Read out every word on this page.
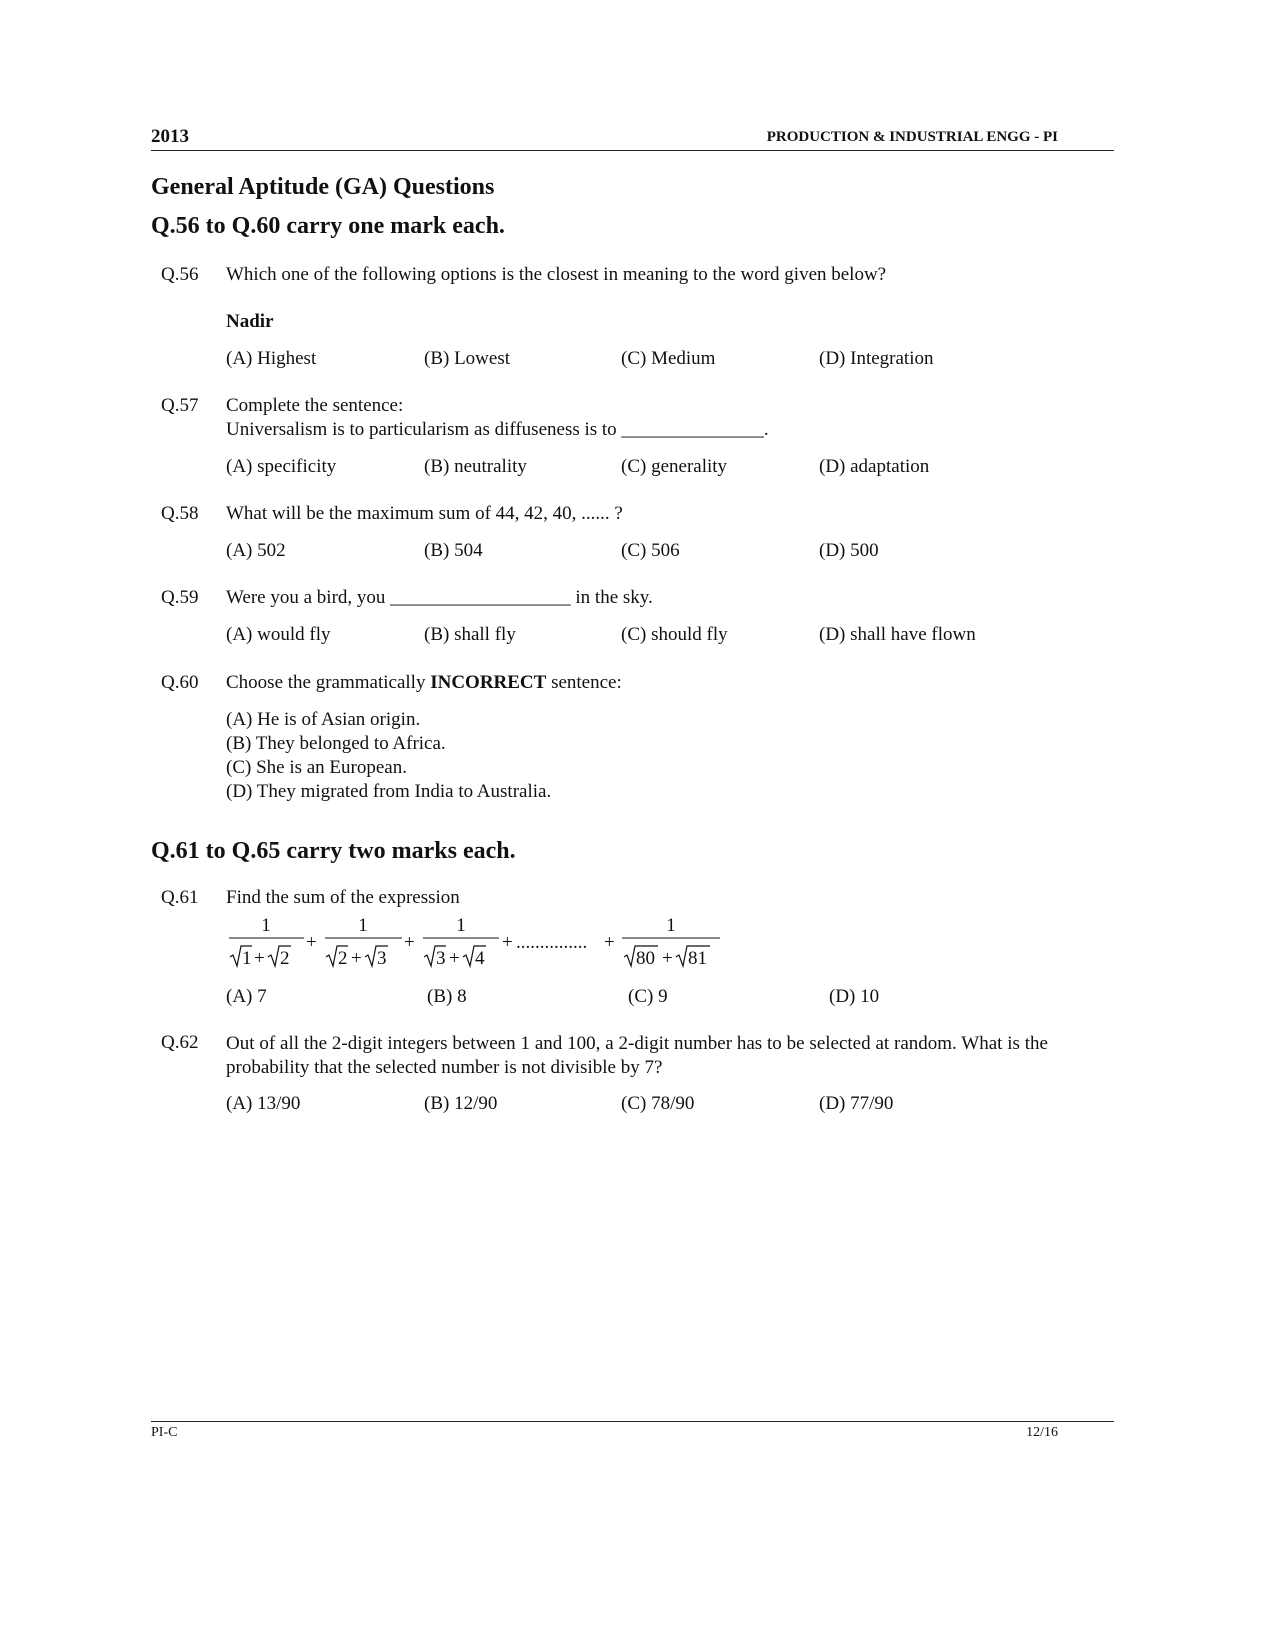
2013	PRODUCTION & INDUSTRIAL ENGG - PI
General Aptitude (GA) Questions
Q.56 to Q.60 carry one mark each.
Q.56 Which one of the following options is the closest in meaning to the word given below?
Nadir
(A) Highest	(B) Lowest	(C) Medium	(D) Integration
Q.57 Complete the sentence:
Universalism is to particularism as diffuseness is to _______________.
(A) specificity	(B) neutrality	(C) generality	(D) adaptation
Q.58 What will be the maximum sum of 44, 42, 40, ...... ?
(A) 502	(B) 504	(C) 506	(D) 500
Q.59 Were you a bird, you ___________________ in the sky.
(A) would fly	(B) shall fly	(C) should fly	(D) shall have flown
Q.60 Choose the grammatically INCORRECT sentence:
(A) He is of Asian origin.
(B) They belonged to Africa.
(C) She is an European.
(D) They migrated from India to Australia.
Q.61 to Q.65 carry two marks each.
Q.61 Find the sum of the expression
1
1 + 2
+
1
2 + 3
+
1
3 + 4
+ ............... +
1
80 + 81
(A) 7	(B) 8	(C) 9	(D) 10
Q.62 Out of all the 2-digit integers between 1 and 100, a 2-digit number has to be selected at random. What is the probability that the selected number is not divisible by 7?
(A) 13/90	(B) 12/90	(C) 78/90	(D) 77/90
PI-C	12/16
